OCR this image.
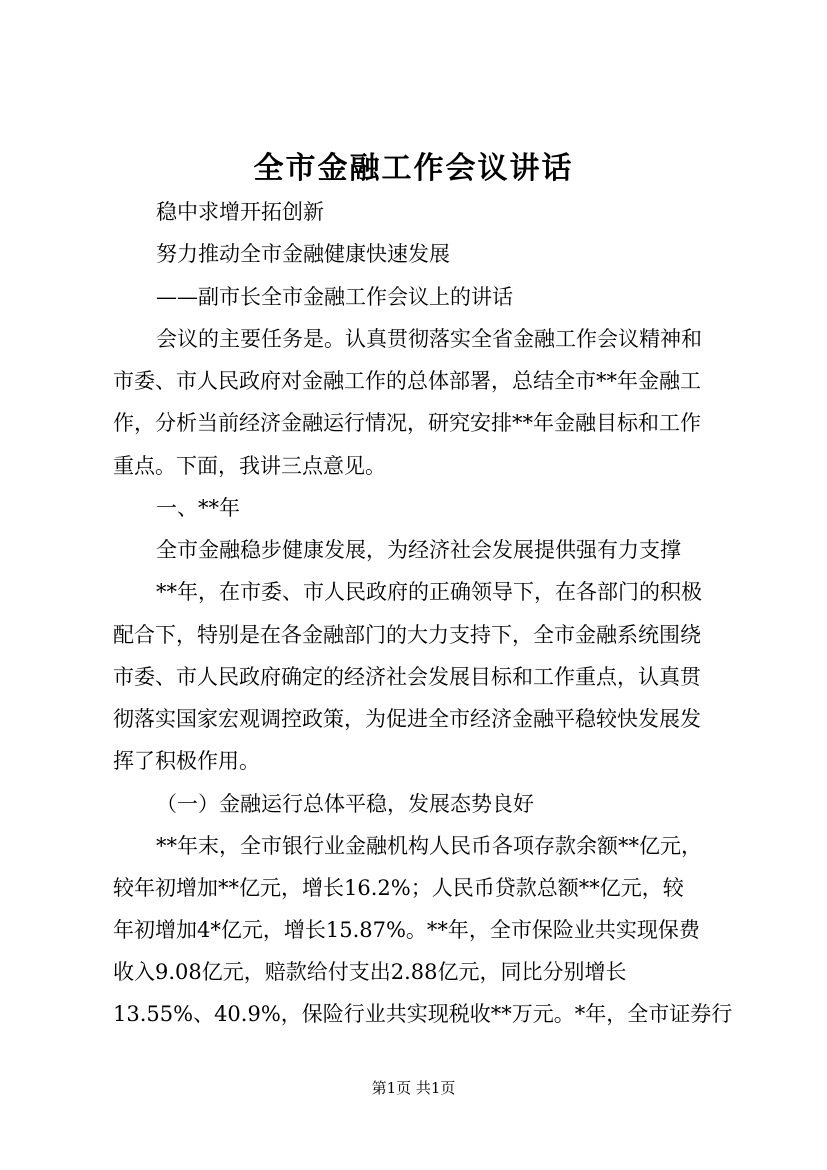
全市金融工作会议讲话
稳中求增开拓创新
努力推动全市金融健康快速发展
——副市长全市金融工作会议上的讲话
会议的主要任务是。认真贯彻落实全省金融工作会议精神和
市委、市人民政府对金融工作的总体部署，总结全市**年金融工
作，分析当前经济金融运行情况，研究安排**年金融目标和工作
重点。下面，我讲三点意见。
一、**年
全市金融稳步健康发展，为经济社会发展提供强有力支撑
**年，在市委、市人民政府的正确领导下，在各部门的积极
配合下，特别是在各金融部门的大力支持下，全市金融系统围绕
市委、市人民政府确定的经济社会发展目标和工作重点，认真贯
彻落实国家宏观调控政策，为促进全市经济金融平稳较快发展发
挥了积极作用。
（一）金融运行总体平稳，发展态势良好
**年末，全市银行业金融机构人民币各项存款余额**亿元，
较年初增加**亿元，增长16.2%；人民币贷款总额**亿元，较
年初增加4*亿元，增长15.87%。**年，全市保险业共实现保费
收入9.08亿元，赔款给付支出2.88亿元，同比分别增长
13.55%、40.9%，保险行业共实现税收**万元。*年，全市证券行
第1页 共1页
